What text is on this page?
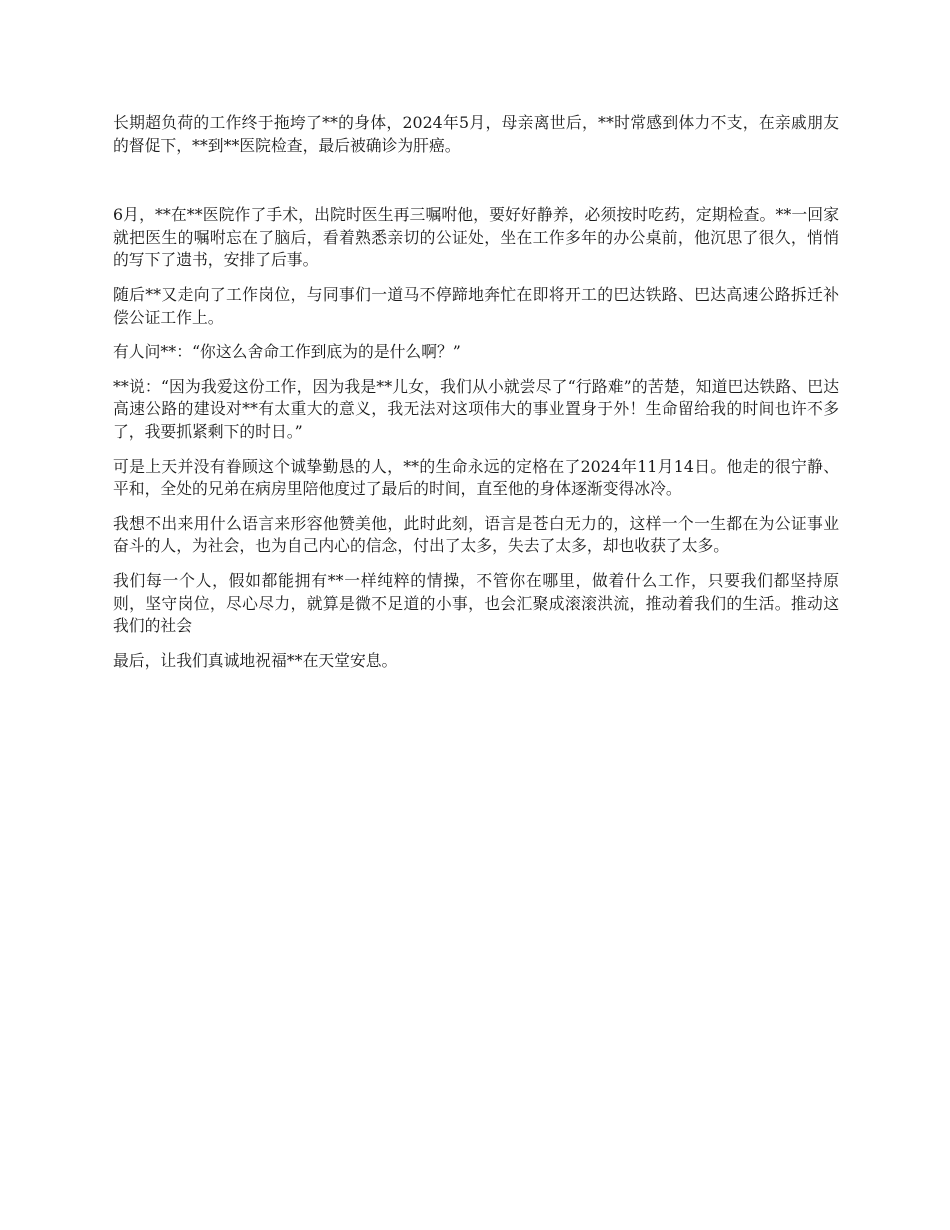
长期超负荷的工作终于拖垮了**的身体，2024年5月，母亲离世后，**时常感到体力不支，在亲戚朋友的督促下，**到**医院检查，最后被确诊为肝癌。

6月，**在**医院作了手术，出院时医生再三嘱咐他，要好好静养，必须按时吃药，定期检查。**一回家就把医生的嘱咐忘在了脑后，看着熟悉亲切的公证处，坐在工作多年的办公桌前，他沉思了很久，悄悄的写下了遗书，安排了后事。

随后**又走向了工作岗位，与同事们一道马不停蹄地奔忙在即将开工的巴达铁路、巴达高速公路拆迁补偿公证工作上。

有人问**：“你这么舍命工作到底为的是什么啊？”

**说：“因为我爱这份工作，因为我是**儿女，我们从小就尝尽了“行路难”的苦楚，知道巴达铁路、巴达高速公路的建设对**有太重大的意义，我无法对这项伟大的事业置身于外！生命留给我的时间也许不多了，我要抓紧剩下的时日。”

可是上天并没有眷顾这个诚挚勤恳的人，**的生命永远的定格在了2024年11月14日。他走的很宁静、平和，全处的兄弟在病房里陪他度过了最后的时间，直至他的身体逐渐变得冰冷。

我想不出来用什么语言来形容他赞美他，此时此刻，语言是苍白无力的，这样一个一生都在为公证事业奋斗的人，为社会，也为自己内心的信念，付出了太多，失去了太多，却也收获了太多。

我们每一个人，假如都能拥有**一样纯粹的情操，不管你在哪里，做着什么工作，只要我们都坚持原则，坚守岗位，尽心尽力，就算是微不足道的小事，也会汇聚成滚滚洪流，推动着我们的生活。推动这我们的社会

最后，让我们真诚地祝福**在天堂安息。
